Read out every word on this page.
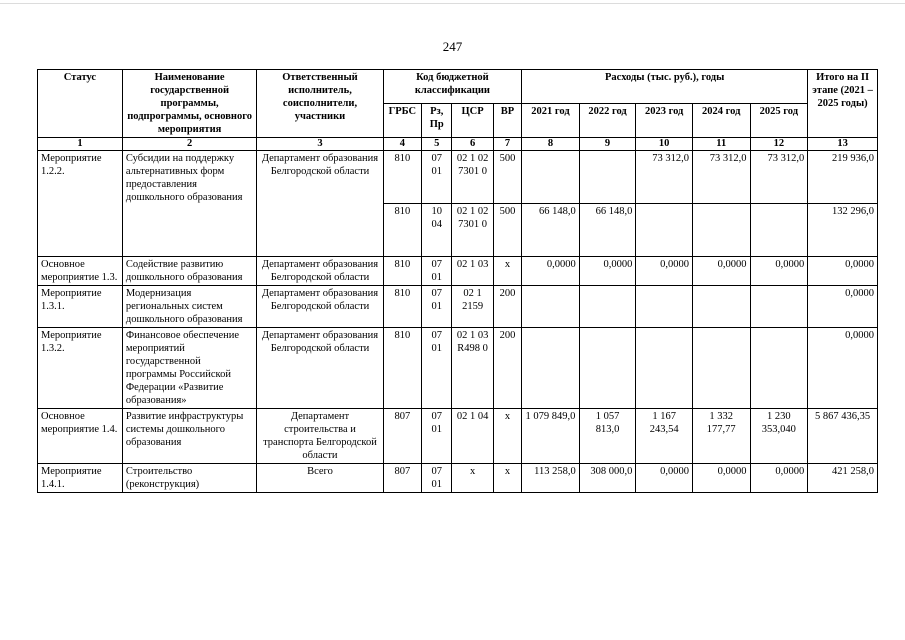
247
Статус	Наименование государственной программы, подпрограммы, основного мероприятия	Ответственный исполнитель, соисполнители, участники	Код бюджетной классификации				Расходы (тыс. руб.), годы					Итого на II этапе (2021 – 2025 годы)
			ГРБС	Рз, Пр	ЦСР	ВР	2021 год	2022 год	2023 год	2024 год	2025 год	
1	2	3	4	5	6	7	8	9	10	11	12	13
Мероприятие 1.2.2.	Субсидии на поддержку альтернативных форм предоставления дошкольного образования	Департамент образования Белгородской области	810	07 01	02 1 02 7301 0	500			73 312,0	73 312,0	73 312,0	219 936,0
			810	10 04	02 1 02 7301 0	500	66 148,0	66 148,0				132 296,0
Основное мероприятие 1.3.	Содействие развитию дошкольного образования	Департамент образования Белгородской области	810	07 01	02 1 03	х	0,0000	0,0000	0,0000	0,0000	0,0000	0,0000
Мероприятие 1.3.1.	Модернизация региональных систем дошкольного образования	Департамент образования Белгородской области	810	07 01	02 1 2159	200						0,0000
Мероприятие 1.3.2.	Финансовое обеспечение мероприятий государственной программы Российской Федерации «Развитие образования»	Департамент образования Белгородской области	810	07 01	02 1 03 R498 0	200						0,0000
Основное мероприятие 1.4.	Развитие инфраструктуры системы дошкольного образования	Департамент строительства и транспорта Белгородской области	807	07 01	02 1 04	х	1 079 849,0	1 057 813,0	1 167 243,54	1 332 177,77	1 230 353,040	5 867 436,35
Мероприятие 1.4.1.	Строительство (реконструкция)	Всего	807	07 01	х	х	113 258,0	308 000,0	0,0000	0,0000	0,0000	421 258,0
